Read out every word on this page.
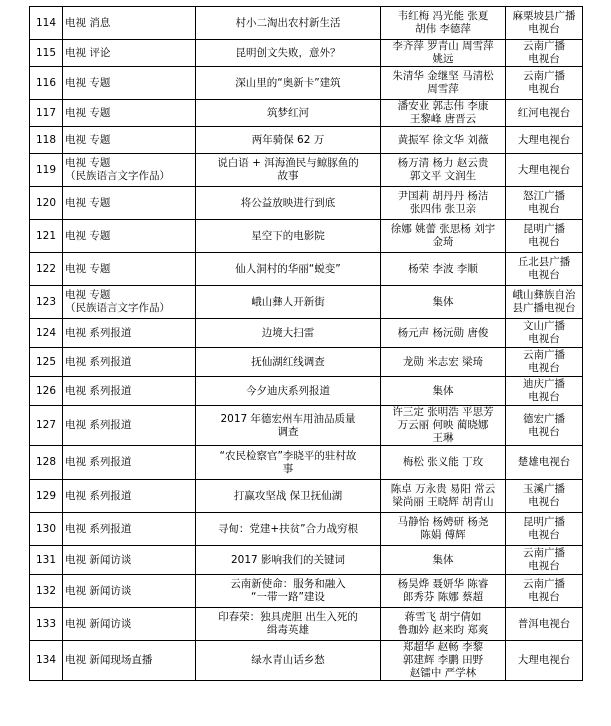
114	电视 消息	村小二淘出农村新生活	韦红梅 冯光能 张夏
胡伟 李德萍	麻栗坡县广播
电视台

115	电视 评论	昆明创文失败，意外？	李齐萍 罗青山 周雪萍
姚远	云南广播
电视台

116	电视 专题	深山里的“奥新卡”建筑	朱清华 金继坚 马清松
周雪萍	云南广播
电视台

117	电视 专题	筑梦红河	潘安业 郭志伟 李康
王黎峰 唐晋云	红河电视台

118	电视 专题	两年骑保 62 万	黄振军 徐文华 刘薇	大理电视台

119	电视 专题
（民族语言文字作品）	说白语 + 洱海渔民与鲸豚鱼的
故事	杨万清 杨力 赵云贵
郭文平 文润生	大理电视台

120	电视 专题	将公益放映进行到底	尹国莉 胡丹丹 杨洁
张四伟 张卫亲	怒江广播
电视台

121	电视 专题	星空下的电影院	徐娜 姚蕾 张思杨 刘宇
金琦	昆明广播
电视台

122	电视 专题	仙人洞村的华丽“蜕变”	杨荣 李波 李顺	丘北县广播
电视台

123	电视 专题
（民族语言文字作品）	峨山彝人开新街	集体	峨山彝族自治
县广播电视台

124	电视 系列报道	边境大扫雷	杨元声 杨沅勋 唐俊	文山广播
电视台

125	电视 系列报道	抚仙湖红线调查	龙勋 米志宏 梁琦	云南广播
电视台

126	电视 系列报道	今夕迪庆系列报道	集体	迪庆广播
电视台

127	电视 系列报道	2017 年德宏州车用油品质量
调查	许三定 张明浩 平思芳
万云丽 何映 蔺晓娜
王琳	德宏广播
电视台

128	电视 系列报道	“农民检察官”李晓平的驻村故
事	梅松 张义能 丁玫	楚雄电视台

129	电视 系列报道	打赢攻坚战 保卫抚仙湖	陈卓 万永贵 易阳 常云
梁尚丽 王晓辉 胡青山	玉溪广播
电视台

130	电视 系列报道	寻甸：党建+扶贫”合力战穷根	马静怡 杨娉研 杨尧
陈娟 傅辉	昆明广播
电视台

131	电视 新闻访谈	2017 影响我们的关键词	集体	云南广播
电视台

132	电视 新闻访谈	云南新使命：服务和融入
“一带一路”建设	杨昊烨 聂妍华 陈睿
郎秀芬 陈娜 蔡超	云南广播
电视台

133	电视 新闻访谈	印春荣：独具虎胆 出生入死的
缉毒英雄	蒋雪飞 胡宁倩如
鲁珈妗 赵来昀 郑爽	普洱电视台

134	电视 新闻现场直播	绿水青山话乡愁	郑超华 赵畅 李黎
郭建辉 李鹏 田野
赵镭中 严学林	大理电视台
